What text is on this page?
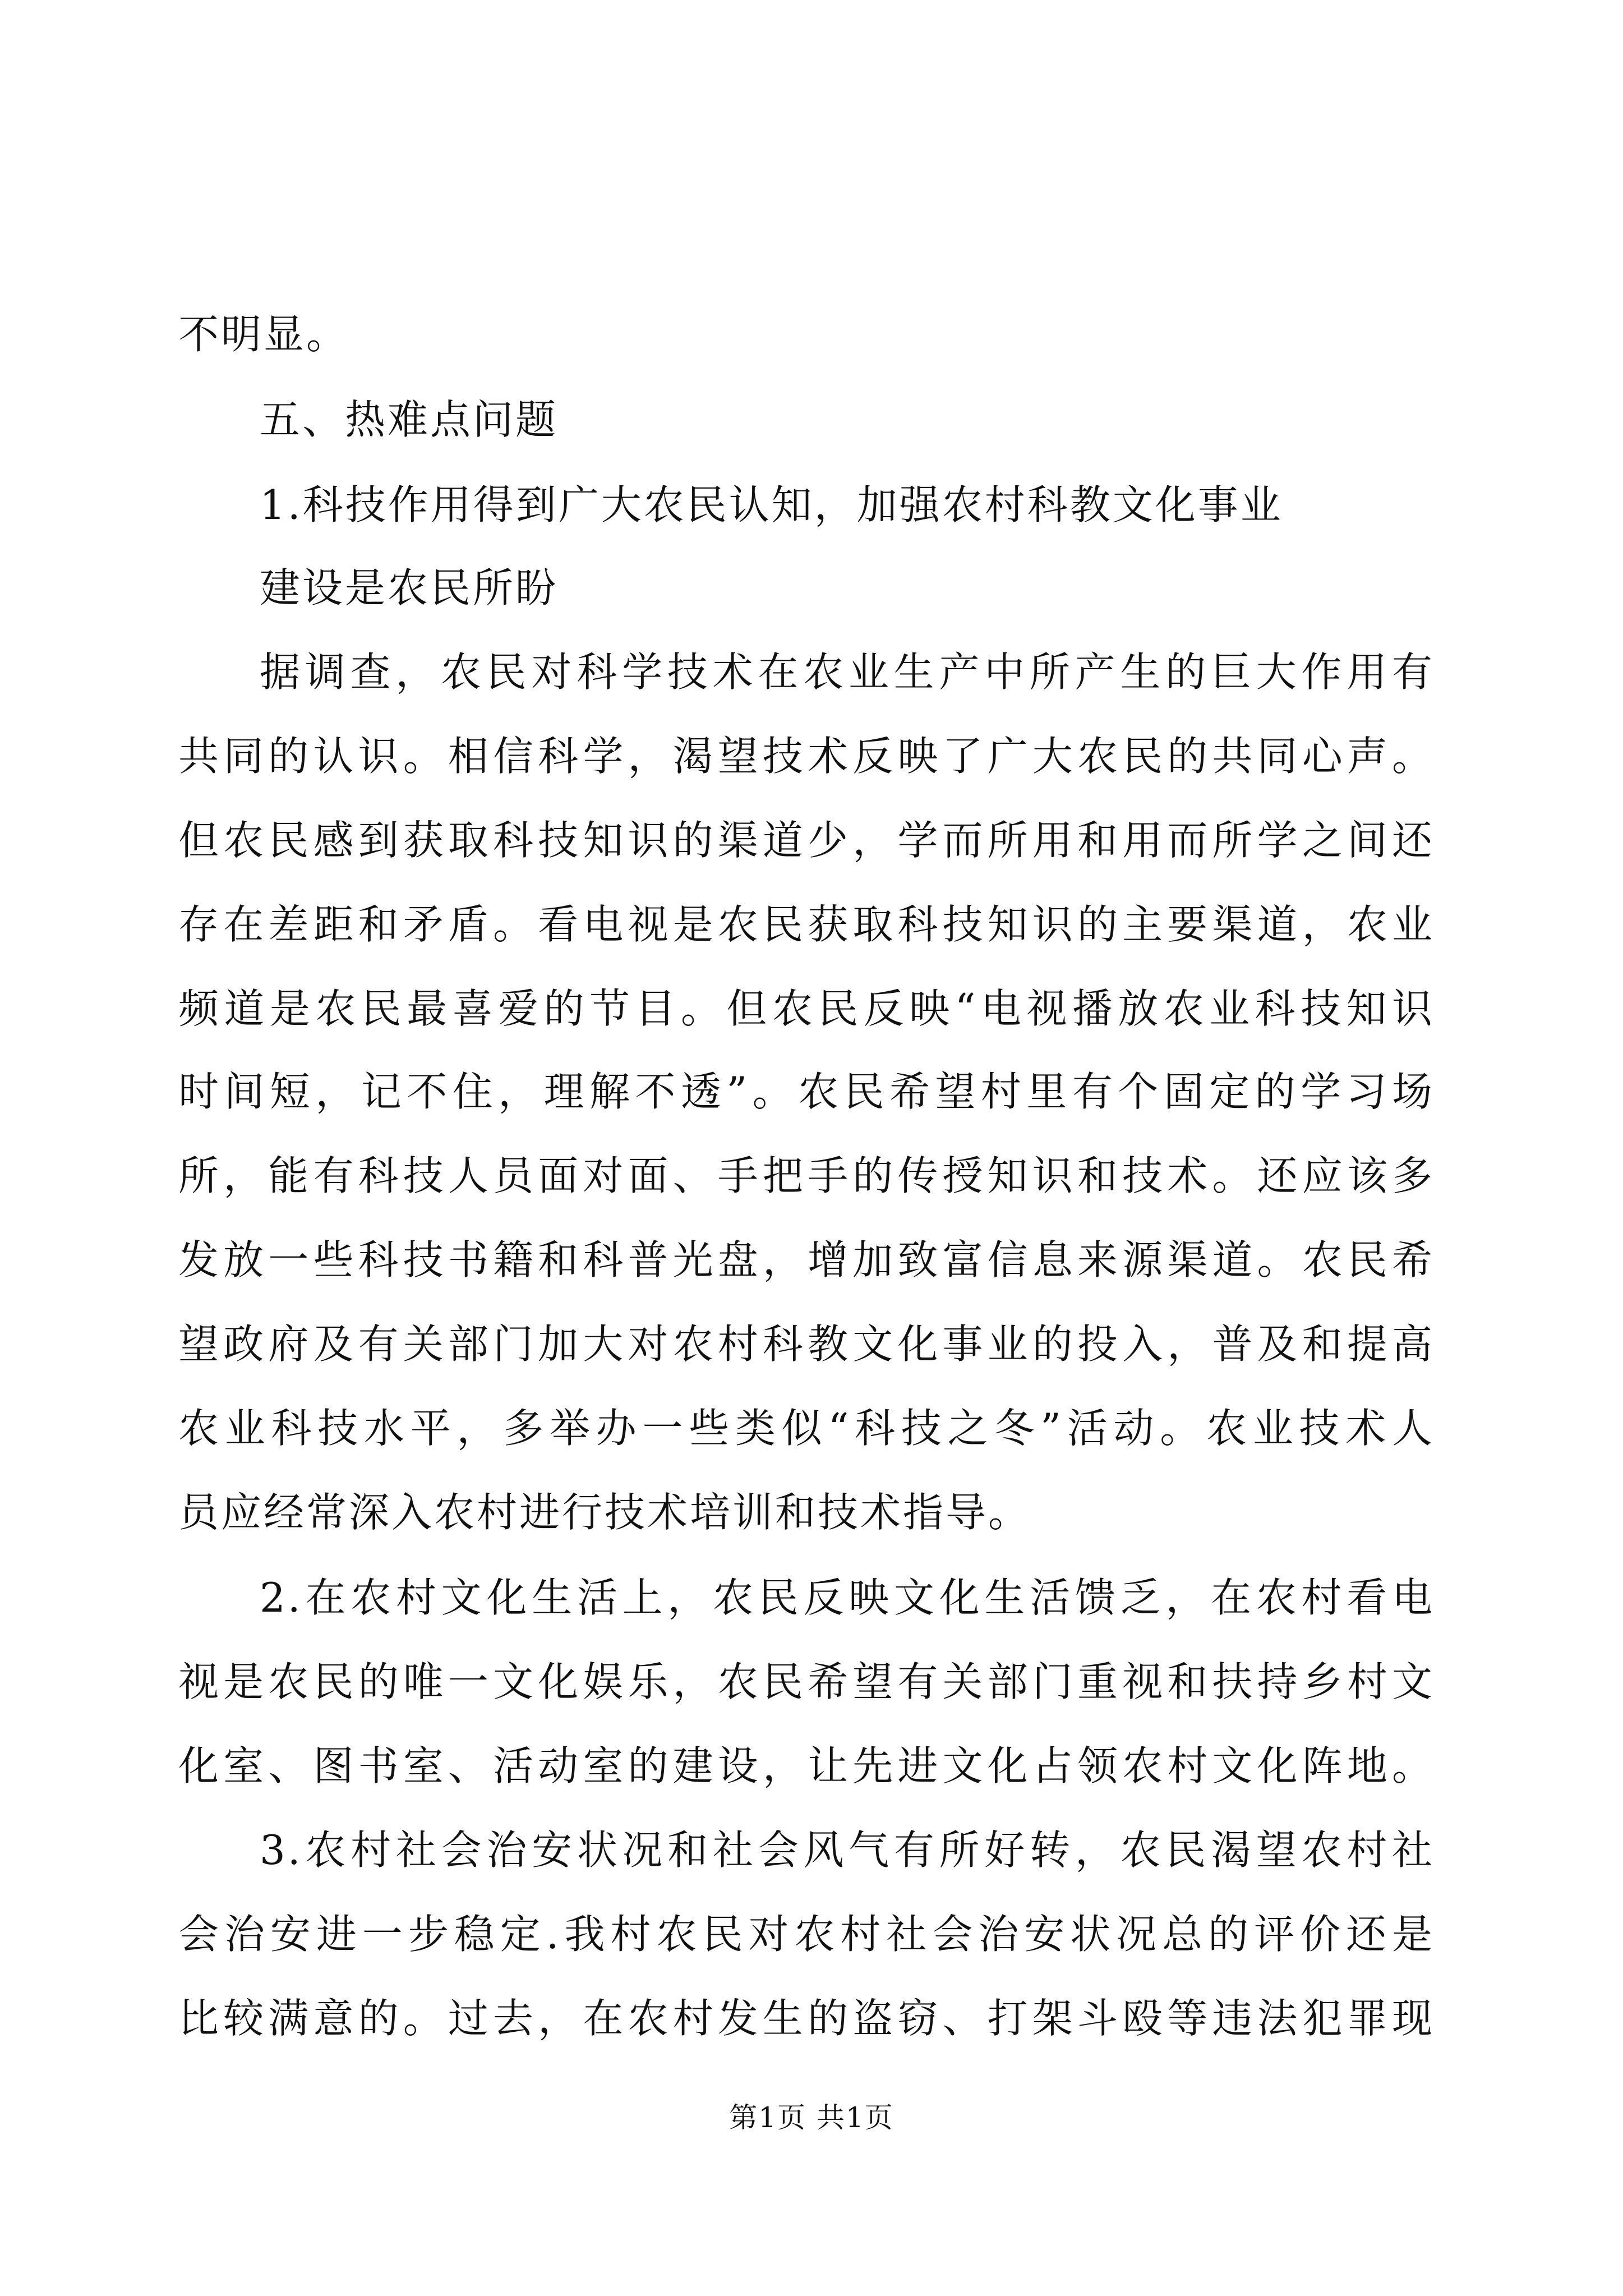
不明显。
五、热难点问题
1.科技作用得到广大农民认知，加强农村科教文化事业
建设是农民所盼
据调查，农民对科学技术在农业生产中所产生的巨大作用有
共同的认识。相信科学，渴望技术反映了广大农民的共同心声。
但农民感到获取科技知识的渠道少，学而所用和用而所学之间还
存在差距和矛盾。看电视是农民获取科技知识的主要渠道，农业
频道是农民最喜爱的节目。但农民反映“电视播放农业科技知识
时间短，记不住，理解不透”。农民希望村里有个固定的学习场
所，能有科技人员面对面、手把手的传授知识和技术。还应该多
发放一些科技书籍和科普光盘，增加致富信息来源渠道。农民希
望政府及有关部门加大对农村科教文化事业的投入，普及和提高
农业科技水平，多举办一些类似“科技之冬”活动。农业技术人
员应经常深入农村进行技术培训和技术指导。
2.在农村文化生活上，农民反映文化生活馈乏，在农村看电
视是农民的唯一文化娱乐，农民希望有关部门重视和扶持乡村文
化室、图书室、活动室的建设，让先进文化占领农村文化阵地。
3.农村社会治安状况和社会风气有所好转，农民渴望农村社
会治安进一步稳定.我村农民对农村社会治安状况总的评价还是
比较满意的。过去，在农村发生的盗窃、打架斗殴等违法犯罪现
第1页 共1页
